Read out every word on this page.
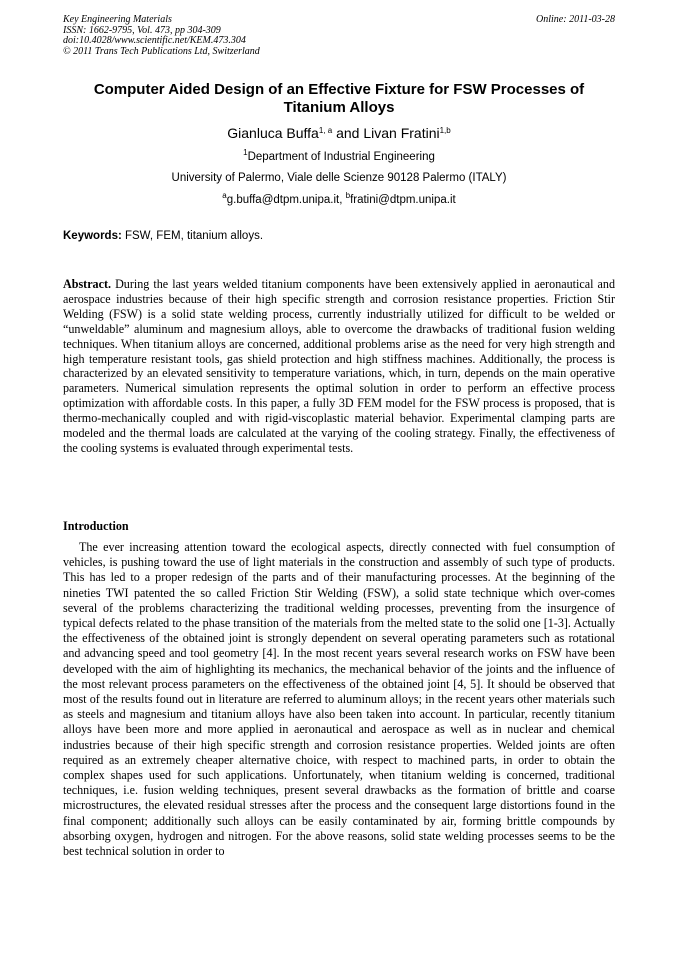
Online: 2011-03-28
Key Engineering Materials
ISSN: 1662-9795, Vol. 473, pp 304-309
doi:10.4028/www.scientific.net/KEM.473.304
© 2011 Trans Tech Publications Ltd, Switzerland
Computer Aided Design of an Effective Fixture for FSW Processes of Titanium Alloys
Gianluca Buffa$^{1, a}$ and Livan Fratini$^{1,b}$
$^1$Department of Industrial Engineering
University of Palermo, Viale delle Scienze 90128 Palermo (ITALY)
$^a$g.buffa@dtpm.unipa.it, $^b$fratini@dtpm.unipa.it
Keywords: FSW, FEM, titanium alloys.
Abstract. During the last years welded titanium components have been extensively applied in aeronautical and aerospace industries because of their high specific strength and corrosion resistance properties. Friction Stir Welding (FSW) is a solid state welding process, currently industrially utilized for difficult to be welded or “unweldable” aluminum and magnesium alloys, able to overcome the drawbacks of traditional fusion welding techniques. When titanium alloys are concerned, additional problems arise as the need for very high strength and high temperature resistant tools, gas shield protection and high stiffness machines. Additionally, the process is characterized by an elevated sensitivity to temperature variations, which, in turn, depends on the main operative parameters. Numerical simulation represents the optimal solution in order to perform an effective process optimization with affordable costs. In this paper, a fully 3D FEM model for the FSW process is proposed, that is thermo-mechanically coupled and with rigid-viscoplastic material behavior. Experimental clamping parts are modeled and the thermal loads are calculated at the varying of the cooling strategy. Finally, the effectiveness of the cooling systems is evaluated through experimental tests.
Introduction
The ever increasing attention toward the ecological aspects, directly connected with fuel consumption of vehicles, is pushing toward the use of light materials in the construction and assembly of such type of products. This has led to a proper redesign of the parts and of their manufacturing processes. At the beginning of the nineties TWI patented the so called Friction Stir Welding (FSW), a solid state technique which over-comes several of the problems characterizing the traditional welding processes, preventing from the insurgence of typical defects related to the phase transition of the materials from the melted state to the solid one [1-3]. Actually the effectiveness of the obtained joint is strongly dependent on several operating parameters such as rotational and advancing speed and tool geometry [4]. In the most recent years several research works on FSW have been developed with the aim of highlighting its mechanics, the mechanical behavior of the joints and the influence of the most relevant process parameters on the effectiveness of the obtained joint [4, 5]. It should be observed that most of the results found out in literature are referred to aluminum alloys; in the recent years other materials such as steels and magnesium and titanium alloys have also been taken into account. In particular, recently titanium alloys have been more and more applied in aeronautical and aerospace as well as in nuclear and chemical industries because of their high specific strength and corrosion resistance properties. Welded joints are often required as an extremely cheaper alternative choice, with respect to machined parts, in order to obtain the complex shapes used for such applications. Unfortunately, when titanium welding is concerned, traditional techniques, i.e. fusion welding techniques, present several drawbacks as the formation of brittle and coarse microstructures, the elevated residual stresses after the process and the consequent large distortions found in the final component; additionally such alloys can be easily contaminated by air, forming brittle compounds by absorbing oxygen, hydrogen and nitrogen. For the above reasons, solid state welding processes seems to be the best technical solution in order to
